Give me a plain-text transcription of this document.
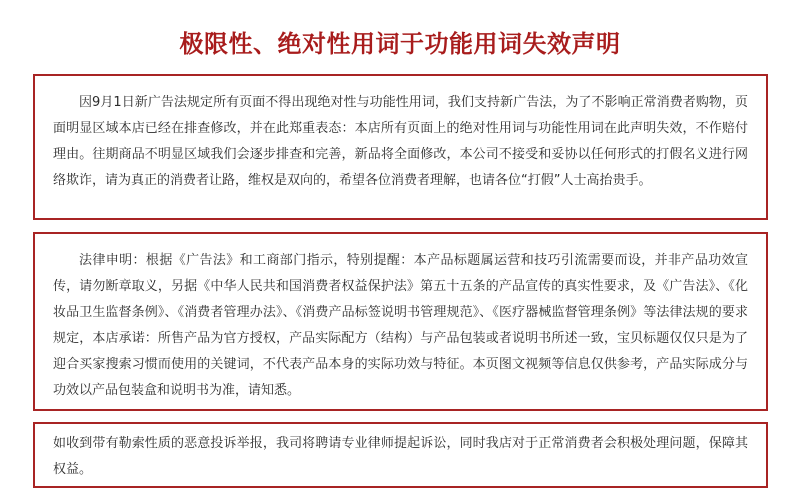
极限性、绝对性用词于功能用词失效声明

因9月1日新广告法规定所有页面不得出现绝对性与功能性用词，我们支持新广告法，为了不影响正常消费者购物，页面明显区域本店已经在排查修改，并在此郑重表态：本店所有页面上的绝对性用词与功能性用词在此声明失效，不作赔付理由。往期商品不明显区域我们会逐步排查和完善，新品将全面修改，本公司不接受和妥协以任何形式的打假名义进行网络欺诈，请为真正的消费者让路，维权是双向的，希望各位消费者理解，也请各位“打假”人士高抬贵手。

法律申明：根据《广告法》和工商部门指示，特别提醒：本产品标题属运营和技巧引流需要而设，并非产品功效宣传，请勿断章取义，另据《中华人民共和国消费者权益保护法》第五十五条的产品宣传的真实性要求，及《广告法》、《化妆品卫生监督条例》、《消费者管理办法》、《消费产品标签说明书管理规范》、《医疗器械监督管理条例》等法律法规的要求规定，本店承诺：所售产品为官方授权，产品实际配方（结构）与产品包装或者说明书所述一致，宝贝标题仅仅只是为了迎合买家搜索习惯而使用的关键词，不代表产品本身的实际功效与特征。本页图文视频等信息仅供参考，产品实际成分与功效以产品包装盒和说明书为准，请知悉。

如收到带有勒索性质的恶意投诉举报，我司将聘请专业律师提起诉讼，同时我店对于正常消费者会积极处理问题，保障其权益。
